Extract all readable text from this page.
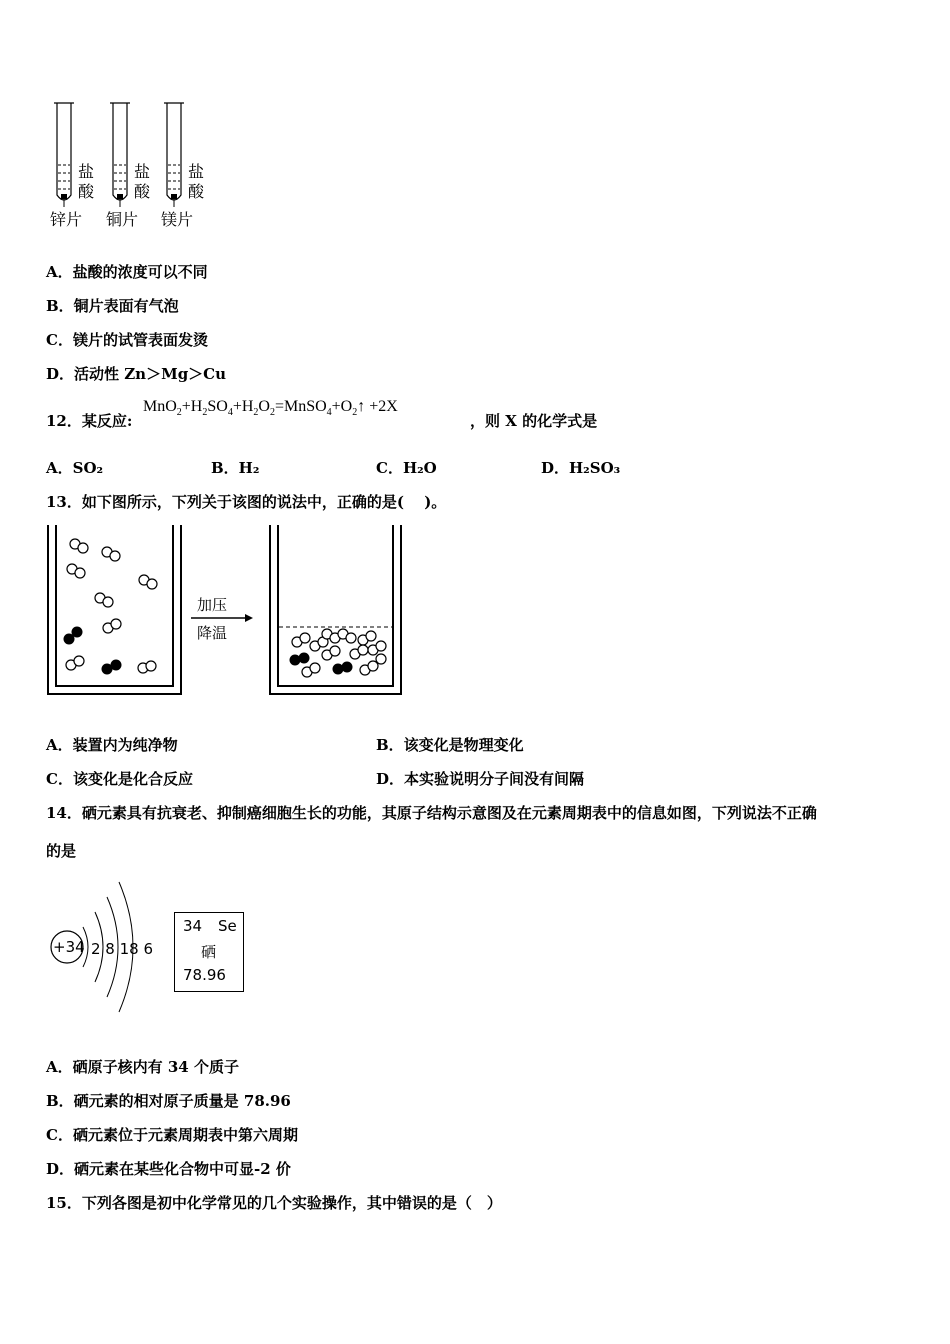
盐
酸
盐
酸
盐
酸
锌片 铜片 镁片
A．盐酸的浓度可以不同
B．铜片表面有气泡
C．镁片的试管表面发烫
D．活动性 Zn＞Mg＞Cu
12．某反应:
$MnO_2+H_2SO_4+H_2O_2=MnSO_4+O_2↑ +2X$
，则 X 的化学式是
A．SO₂	B．H₂	C．H₂O	D．H₂SO₃
13．如下图所示，下列关于该图的说法中，正确的是(　 )。
加压
降温
A．装置内为纯净物	B．该变化是物理变化
C．该变化是化合反应	D．本实验说明分子间没有间隔
14．硒元素具有抗衰老、抑制癌细胞生长的功能，其原子结构示意图及在元素周期表中的信息如图，下列说法不正确
的是
+34 2 8 18 6
34 Se
硒
78.96
A．硒原子核内有 34 个质子
B．硒元素的相对原子质量是 78.96
C．硒元素位于元素周期表中第六周期
D．硒元素在某些化合物中可显-2 价
15．下列各图是初中化学常见的几个实验操作，其中错误的是（　）
